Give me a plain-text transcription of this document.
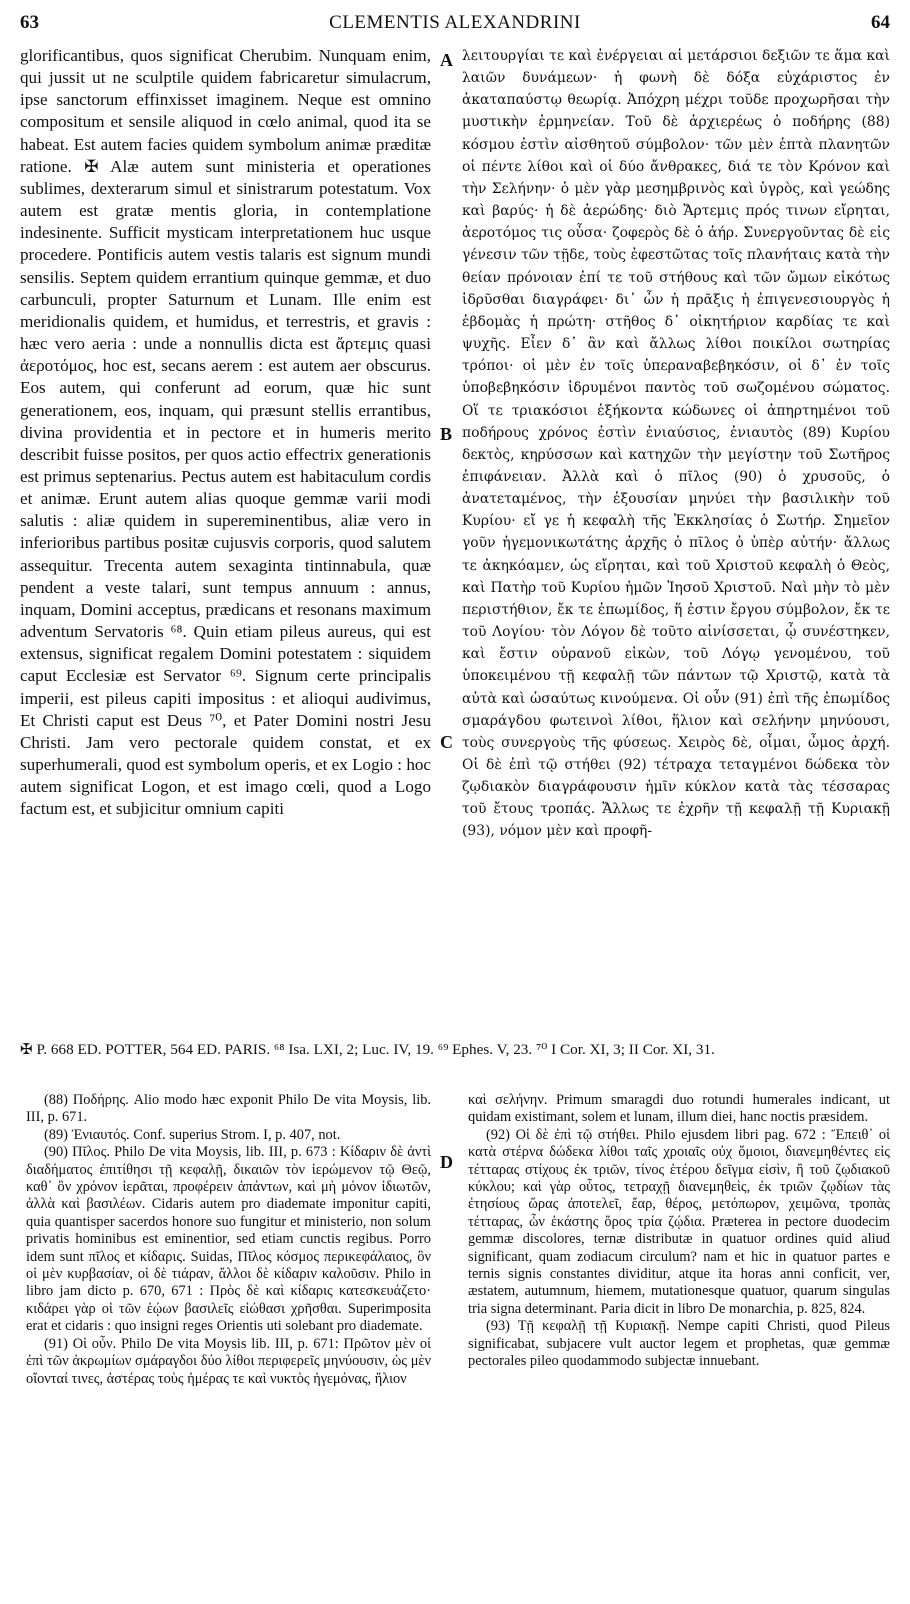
63	CLEMENTIS ALEXANDRINI	64

glorificantibus, quos significat Cherubim. Nunquam enim, qui jussit ut ne sculptile quidem fabricaretur simulacrum, ipse sanctorum effinxisset imaginem. Neque est omnino compositum et sensile aliquod in cœlo animal, quod ita se habeat. Est autem facies quidem symbolum animæ præditæ ratione. ✠ Alæ autem sunt ministeria et operationes sublimes, dexterarum simul et sinistrarum potestatum. Vox autem est gratæ mentis gloria, in contemplatione indesinente. Sufficit mysticam interpretationem huc usque procedere. Pontificis autem vestis talaris est signum mundi sensilis. Septem quidem errantium quinque gemmæ, et duo carbunculi, propter Saturnum et Lunam. Ille enim est meridionalis quidem, et humidus, et terrestris, et gravis : hæc vero aeria : unde a nonnullis dicta est ἄρτεμις quasi ἀεροτόμος, hoc est, secans aerem : est autem aer obscurus. Eos autem, qui conferunt ad eorum, quæ hic sunt generationem, eos, inquam, qui præsunt stellis errantibus, divina providentia et in pectore et in humeris merito describit fuisse positos, per quos actio effectrix generationis est primus septenarius. Pectus autem est habitaculum cordis et animæ. Erunt autem alias quoque gemmæ varii modi salutis : aliæ quidem in supereminentibus, aliæ vero in inferioribus partibus positæ cujusvis corporis, quod salutem assequitur. Trecenta autem sexaginta tintinnabula, quæ pendent a veste talari, sunt tempus annuum : annus, inquam, Domini acceptus, prædicans et resonans maximum adventum Servatoris ⁶⁸. Quin etiam pileus aureus, qui est extensus, significat regalem Domini potestatem : siquidem caput Ecclesiæ est Servator ⁶⁹. Signum certe principalis imperii, est pileus capiti impositus : et alioqui audivimus, Et Christi caput est Deus ⁷⁰, et Pater Domini nostri Jesu Christi. Jam vero pectorale quidem constat, et ex superhumerali, quod est symbolum operis, et ex Logio : hoc autem significat Logon, et est imago cœli, quod a Logo factum est, et subjicitur omnium capiti

λειτουργίαι τε καὶ ἐνέργειαι αἱ μετάρσιοι δεξιῶν τε ἅμα καὶ λαιῶν δυνάμεων· ἡ φωνὴ δὲ δόξα εὐχάριστος ἐν ἀκαταπαύστῳ θεωρίᾳ. Ἀπόχρη μέχρι τοῦδε προχωρῆσαι τὴν μυστικὴν ἑρμηνείαν. Τοῦ δὲ ἀρχιερέως ὁ ποδήρης (88) κόσμου ἐστὶν αἰσθητοῦ σύμβολον· τῶν μὲν ἑπτὰ πλανητῶν οἱ πέντε λίθοι καὶ οἱ δύο ἄνθρακες, διά τε τὸν Κρόνον καὶ τὴν Σελήνην· ὁ μὲν γὰρ μεσημβρινὸς καὶ ὑγρὸς, καὶ γεώδης καὶ βαρύς· ἡ δὲ ἀερώδης· διὸ Ἄρτεμις πρός τινων εἴρηται, ἀεροτόμος τις οὖσα· ζοφερὸς δὲ ὁ ἀήρ. Συνεργοῦντας δὲ εἰς γένεσιν τῶν τῇδε, τοὺς ἐφεστῶτας τοῖς πλανήταις κατὰ τὴν θείαν πρόνοιαν ἐπί τε τοῦ στήθους καὶ τῶν ὤμων εἰκότως ἱδρῦσθαι διαγράφει· δι᾿ ὧν ἡ πρᾶξις ἡ ἐπιγενεσιουργὸς ἡ ἑβδομὰς ἡ πρώτη· στῆθος δ᾿ οἰκητήριον καρδίας τε καὶ ψυχῆς. Εἶεν δ᾿ ἂν καὶ ἄλλως λίθοι ποικίλοι σωτηρίας τρόποι· οἱ μὲν ἐν τοῖς ὑπεραναβεβηκόσιν, οἱ δ᾿ ἐν τοῖς ὑποβεβηκόσιν ἱδρυμένοι παντὸς τοῦ σωζομένου σώματος. Οἵ τε τριακόσιοι ἑξήκοντα κώδωνες οἱ ἀπηρτημένοι τοῦ ποδήρους χρόνος ἐστὶν ἐνιαύσιος, ἐνιαυτὸς (89) Κυρίου δεκτὸς, κηρύσσων καὶ κατηχῶν τὴν μεγίστην τοῦ Σωτῆρος ἐπιφάνειαν. Ἀλλὰ καὶ ὁ πῖλος (90) ὁ χρυσοῦς, ὁ ἀνατεταμένος, τὴν ἐξουσίαν μηνύει τὴν βασιλικὴν τοῦ Κυρίου· εἴ γε ἡ κεφαλὴ τῆς Ἐκκλησίας ὁ Σωτήρ. Σημεῖον γοῦν ἡγεμονικωτάτης ἀρχῆς ὁ πῖλος ὁ ὑπὲρ αὐτήν· ἄλλως τε ἀκηκόαμεν, ὡς εἴρηται, καὶ τοῦ Χριστοῦ κεφαλὴ ὁ Θεὸς, καὶ Πατὴρ τοῦ Κυρίου ἡμῶν Ἰησοῦ Χριστοῦ. Ναὶ μὴν τὸ μὲν περιστήθιον, ἔκ τε ἐπωμίδος, ἥ ἐστιν ἔργου σύμβολον, ἔκ τε τοῦ Λογίου· τὸν Λόγον δὲ τοῦτο αἰνίσσεται, ᾧ συνέστηκεν, καὶ ἔστιν οὐρανοῦ εἰκὼν, τοῦ Λόγῳ γενομένου, τοῦ ὑποκειμένου τῇ κεφαλῇ τῶν πάντων τῷ Χριστῷ, κατὰ τὰ αὐτὰ καὶ ὡσαύτως κινούμενα. Οἱ οὖν (91) ἐπὶ τῆς ἐπωμίδος σμαράγδου φωτεινοὶ λίθοι, ἥλιον καὶ σελήνην μηνύουσι, τοὺς συνεργοὺς τῆς φύσεως. Χειρὸς δὲ, οἶμαι, ὦμος ἀρχή. Οἱ δὲ ἐπὶ τῷ στήθει (92) τέτραχα τεταγμένοι δώδεκα τὸν ζῳδιακὸν διαγράφουσιν ἡμῖν κύκλον κατὰ τὰς τέσσαρας τοῦ ἔτους τροπάς. Ἄλλως τε ἐχρῆν τῇ κεφαλῇ τῇ Κυριακῇ (93), νόμον μὲν καὶ προφῆ-

A
B
C
D

✠ P. 668 ED. POTTER, 564 ED. PARIS. ⁶⁸ Isa. LXI, 2; Luc. IV, 19. ⁶⁹ Ephes. V, 23. ⁷⁰ I Cor. XI, 3; II Cor. XI, 31.

(88) Ποδήρης. Alio modo hæc exponit Philo De vita Moysis, lib. III, p. 671.

(89) Ἐνιαυτός. Conf. superius Strom. I, p. 407, not.

(90) Πῖλος. Philo De vita Moysis, lib. III, p. 673 : Κίδαριν δὲ ἀντὶ διαδήματος ἐπιτίθησι τῇ κεφαλῇ, δικαιῶν τὸν ἱερώμενον τῷ Θεῷ, καθ᾿ ὃν χρόνον ἱερᾶται, προφέρειν ἁπάντων, καὶ μὴ μόνον ἰδιωτῶν, ἀλλὰ καὶ βασιλέων. Cidaris autem pro diademate imponitur capiti, quia quantisper sacerdos honore suo fungitur et ministerio, non solum privatis hominibus est eminentior, sed etiam cunctis regibus. Porro idem sunt πῖλος et κίδαρις. Suidas, Πῖλος κόσμος περικεφάλαιος, ὃν οἱ μὲν κυρβασίαν, οἱ δὲ τιάραν, ἄλλοι δὲ κίδαριν καλοῦσιν. Philo in libro jam dicto p. 670, 671 : Πρὸς δὲ καὶ κίδαρις κατεσκευάζετο· κιδάρει γὰρ οἱ τῶν ἑῴων βασιλεῖς εἰώθασι χρῆσθαι. Superimposita erat et cidaris : quo insigni reges Orientis uti solebant pro diademate.

(91) Οἱ οὖν. Philo De vita Moysis lib. III, p. 671: Πρῶτον μὲν οἱ ἐπὶ τῶν ἀκρωμίων σμάραγδοι δύο λίθοι περιφερεῖς μηνύουσιν, ὡς μὲν οἴονταί τινες, ἀστέρας τοὺς ἡμέρας τε καὶ νυκτὸς ἡγεμόνας, ἥλιον

καὶ σελήνην. Primum smaragdi duo rotundi humerales indicant, ut quidam existimant, solem et lunam, illum diei, hanc noctis præsidem.

(92) Οἱ δὲ ἐπὶ τῷ στήθει. Philo ejusdem libri pag. 672 : Ἔπειθ᾿ οἱ κατὰ στέρνα δώδεκα λίθοι ταῖς χροιαῖς οὐχ ὅμοιοι, διανεμηθέντες εἰς τέτταρας στίχους ἐκ τριῶν, τίνος ἑτέρου δεῖγμα εἰσὶν, ἢ τοῦ ζῳδιακοῦ κύκλου; καὶ γὰρ οὗτος, τετραχῇ διανεμηθεὶς, ἐκ τριῶν ζῳδίων τὰς ἐτησίους ὥρας ἀποτελεῖ, ἔαρ, θέρος, μετόπωρον, χειμῶνα, τροπὰς τέτταρας, ὧν ἑκάστης ὅρος τρία ζῴδια. Præterea in pectore duodecim gemmæ discolores, ternæ distributæ in quatuor ordines quid aliud significant, quam zodiacum circulum? nam et hic in quatuor partes e ternis signis constantes dividitur, atque ita horas anni conficit, ver, æstatem, autumnum, hiemem, mutationesque quatuor, quarum singulas tria signa determinant. Paria dicit in libro De monarchia, p. 825, 824.

(93) Τῇ κεφαλῇ τῇ Κυριακῇ. Nempe capiti Christi, quod Pileus significabat, subjacere vult auctor legem et prophetas, quæ gemmæ pectorales pileo quodammodo subjectæ innuebant.
